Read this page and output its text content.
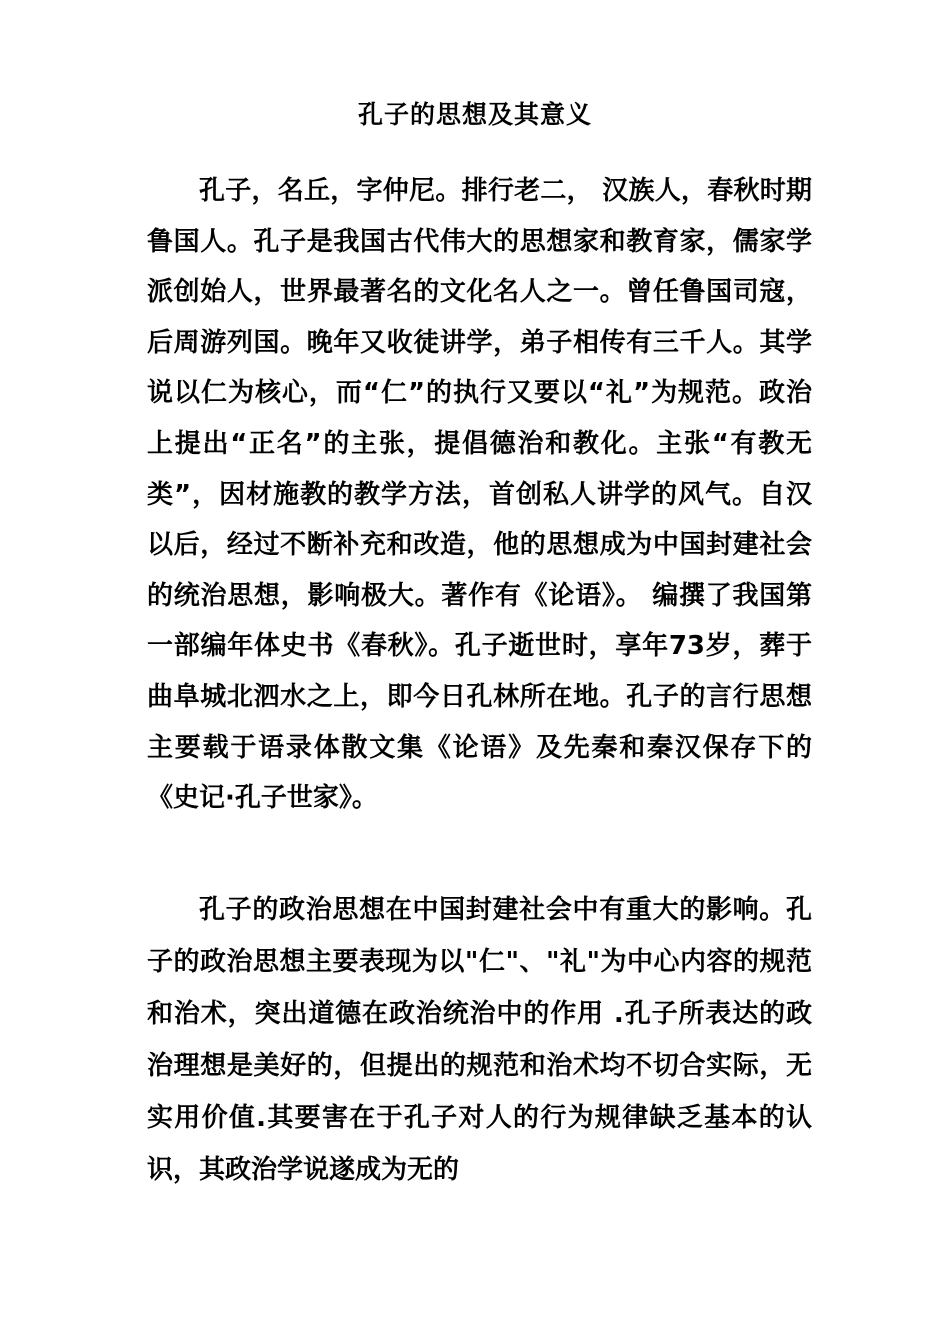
孔子的思想及其意义

孔子，名丘，字仲尼。排行老二， 汉族人，春秋时期鲁国人。孔子是我国古代伟大的思想家和教育家，儒家学派创始人，世界最著名的文化名人之一。曾任鲁国司寇，后周游列国。晚年又收徒讲学，弟子相传有三千人。其学说以仁为核心，而“仁”的执行又要以“礼”为规范。政治上提出“正名”的主张，提倡德治和教化。主张“有教无类”，因材施教的教学方法，首创私人讲学的风气。自汉以后，经过不断补充和改造，他的思想成为中国封建社会的统治思想，影响极大。著作有《论语》。 编撰了我国第一部编年体史书《春秋》。孔子逝世时，享年73岁，葬于曲阜城北泗水之上，即今日孔林所在地。孔子的言行思想主要载于语录体散文集《论语》及先秦和秦汉保存下的《史记·孔子世家》。

孔子的政治思想在中国封建社会中有重大的影响。孔子的政治思想主要表现为以"仁"、"礼"为中心内容的规范和治术，突出道德在政治统治中的作用 .孔子所表达的政治理想是美好的，但提出的规范和治术均不切合实际，无实用价值.其要害在于孔子对人的行为规律缺乏基本的认识，其政治学说遂成为无的
